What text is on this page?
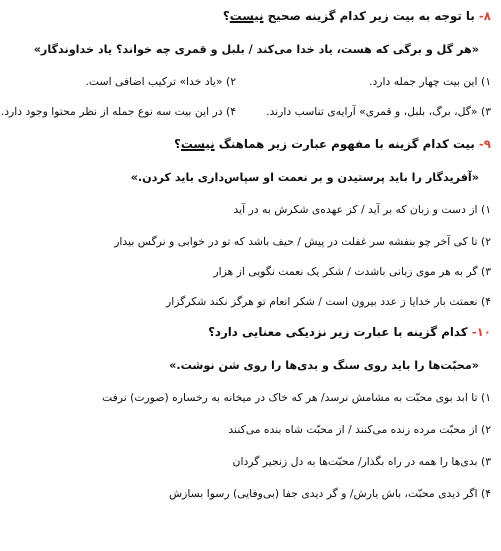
۸- با توجه به بیت زیر کدام گزینه صحیح نیست؟
«هر گل و برگی که هست، یاد خدا می‌کند / بلبل و قمری چه خواند؟ یاد خداوندگار»
۱) این بیت چهار جمله دارد.
۲) «یاد خدا» ترکیب اضافی است.
۳) «گل، برگ، بلبل، و قمری» آرایه‌ی تناسب دارند.
۴) در این بیت سه نوع جمله از نظر محتوا وجود دارد.
۹- بیت کدام گزینه با مفهوم عبارت زیر هماهنگ نیست؟
«آفریدگار را باید پرستیدن و بر نعمت او سپاس‌داری باید کردن.»
۱) از دست و زبان که بر آید / کز عهده‌ی شکرش به در آید
۲) تا کی آخر چو بنفشه سر غفلت در پیش / حیف باشد که تو در خوابی و نرگس بیدار
۳) گر به هر موی زبانی باشدت / شکر یک نعمت نگویی از هزار
۴) نعمتت بار خدایا ز عدد بیرون است / شکر انعام تو هرگز نکند شکرگزار
۱۰- کدام گزینه با عبارت زیر نزدیکی معنایی دارد؟
«محبّت‌ها را باید روی سنگ و بدی‌ها را روی شن نوشت.»
۱) تا ابد بوی محبّت به مشامش نرسد/ هر که خاک در میخانه به رخساره (صورت) نرفت
۲) از محبّت مرده زنده می‌کنند / از محبّت شاه بنده می‌کنند
۳) بدی‌ها را همه در راه بگذار/ محبّت‌ها به دل زنجیر گردان
۴) اگر دیدی محبّت، باش یارش/ و گر دیدی جفا (بی‌وفایی) رسوا بسازش
